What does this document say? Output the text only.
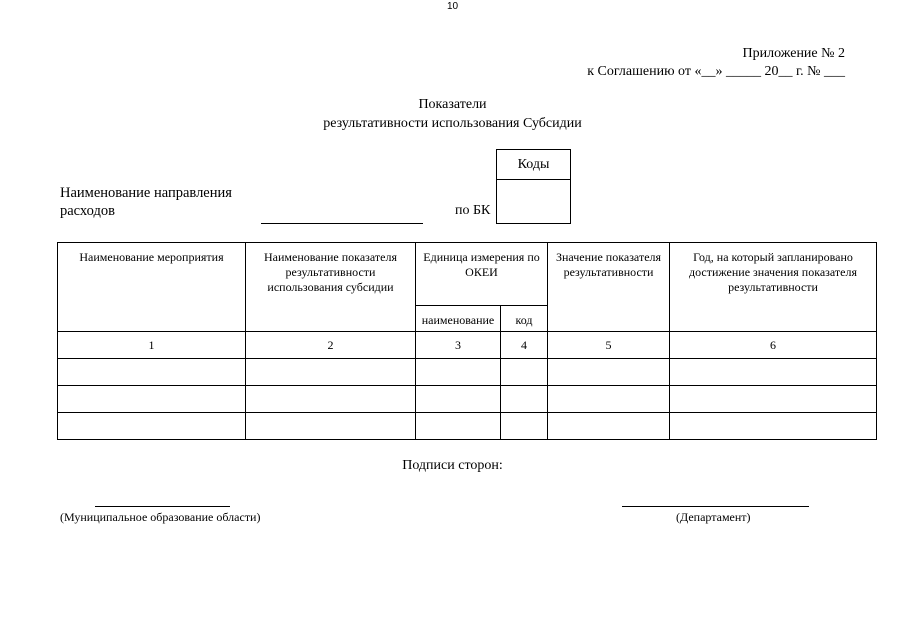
10
Приложение № 2
к Соглашению от «__» _____ 20__ г. № ___
Показатели
результативности использования Субсидии
Коды
Наименование направления
расходов	по БК
Наименование мероприятия	Наименование показателя результативности использования субсидии	Единица измерения по ОКЕИ		Значение показателя результативности	Год, на который запланировано достижение значения показателя результативности
		наименование	код		
1	2	3	4	5	6

Подписи сторон:
(Муниципальное образование области)	(Департамент)
